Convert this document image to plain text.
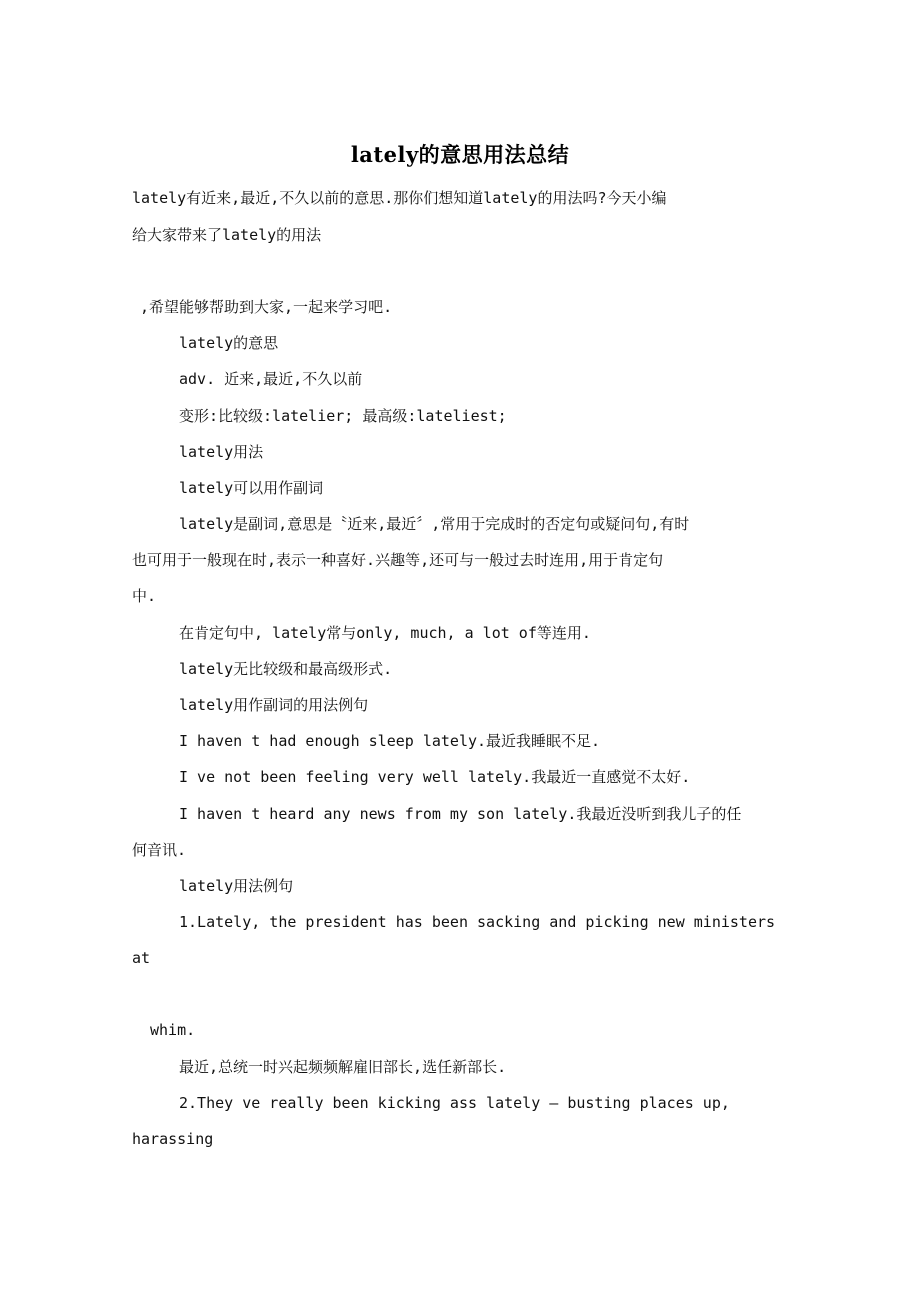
lately的意思用法总结
lately有近来,最近,不久以前的意思.那你们想知道lately的用法吗?今天小编
给大家带来了lately的用法
,希望能够帮助到大家,一起来学习吧.
lately的意思
adv. 近来,最近,不久以前
变形:比较级:latelier; 最高级:lateliest;
lately用法
lately可以用作副词
lately是副词,意思是〝近来,最近〞,常用于完成时的否定句或疑问句,有时
也可用于一般现在时,表示一种喜好.兴趣等,还可与一般过去时连用,用于肯定句
中.
在肯定句中, lately常与only, much, a lot of等连用.
lately无比较级和最高级形式.
lately用作副词的用法例句
I haven t had enough sleep lately.最近我睡眠不足.
I ve not been feeling very well lately.我最近一直感觉不太好.
I haven t heard any news from my son lately.我最近没听到我儿子的任
何音讯.
lately用法例句
1.Lately, the president has been sacking and picking new ministers
at
whim.
最近,总统一时兴起频频解雇旧部长,选任新部长.
2.They ve really been kicking ass lately — busting places up,
harassing
